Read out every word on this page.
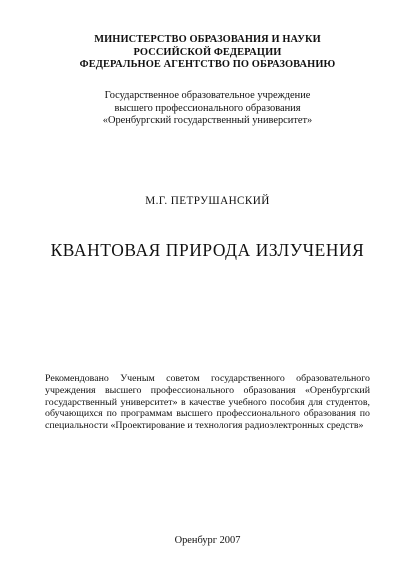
МИНИСТЕРСТВО ОБРАЗОВАНИЯ И НАУКИ
РОССИЙСКОЙ ФЕДЕРАЦИИ
ФЕДЕРАЛЬНОЕ АГЕНТСТВО ПО ОБРАЗОВАНИЮ
Государственное образовательное учреждение
высшего профессионального образования
«Оренбургский государственный университет»
М.Г. ПЕТРУШАНСКИЙ
КВАНТОВАЯ ПРИРОДА ИЗЛУЧЕНИЯ
Рекомендовано Ученым советом государственного образовательного
учреждения высшего профессионального образования «Оренбургский
государственный университет» в качестве учебного пособия для студентов,
обучающихся по программам высшего профессионального образования по
специальности «Проектирование и технология радиоэлектронных средств»
Оренбург 2007
